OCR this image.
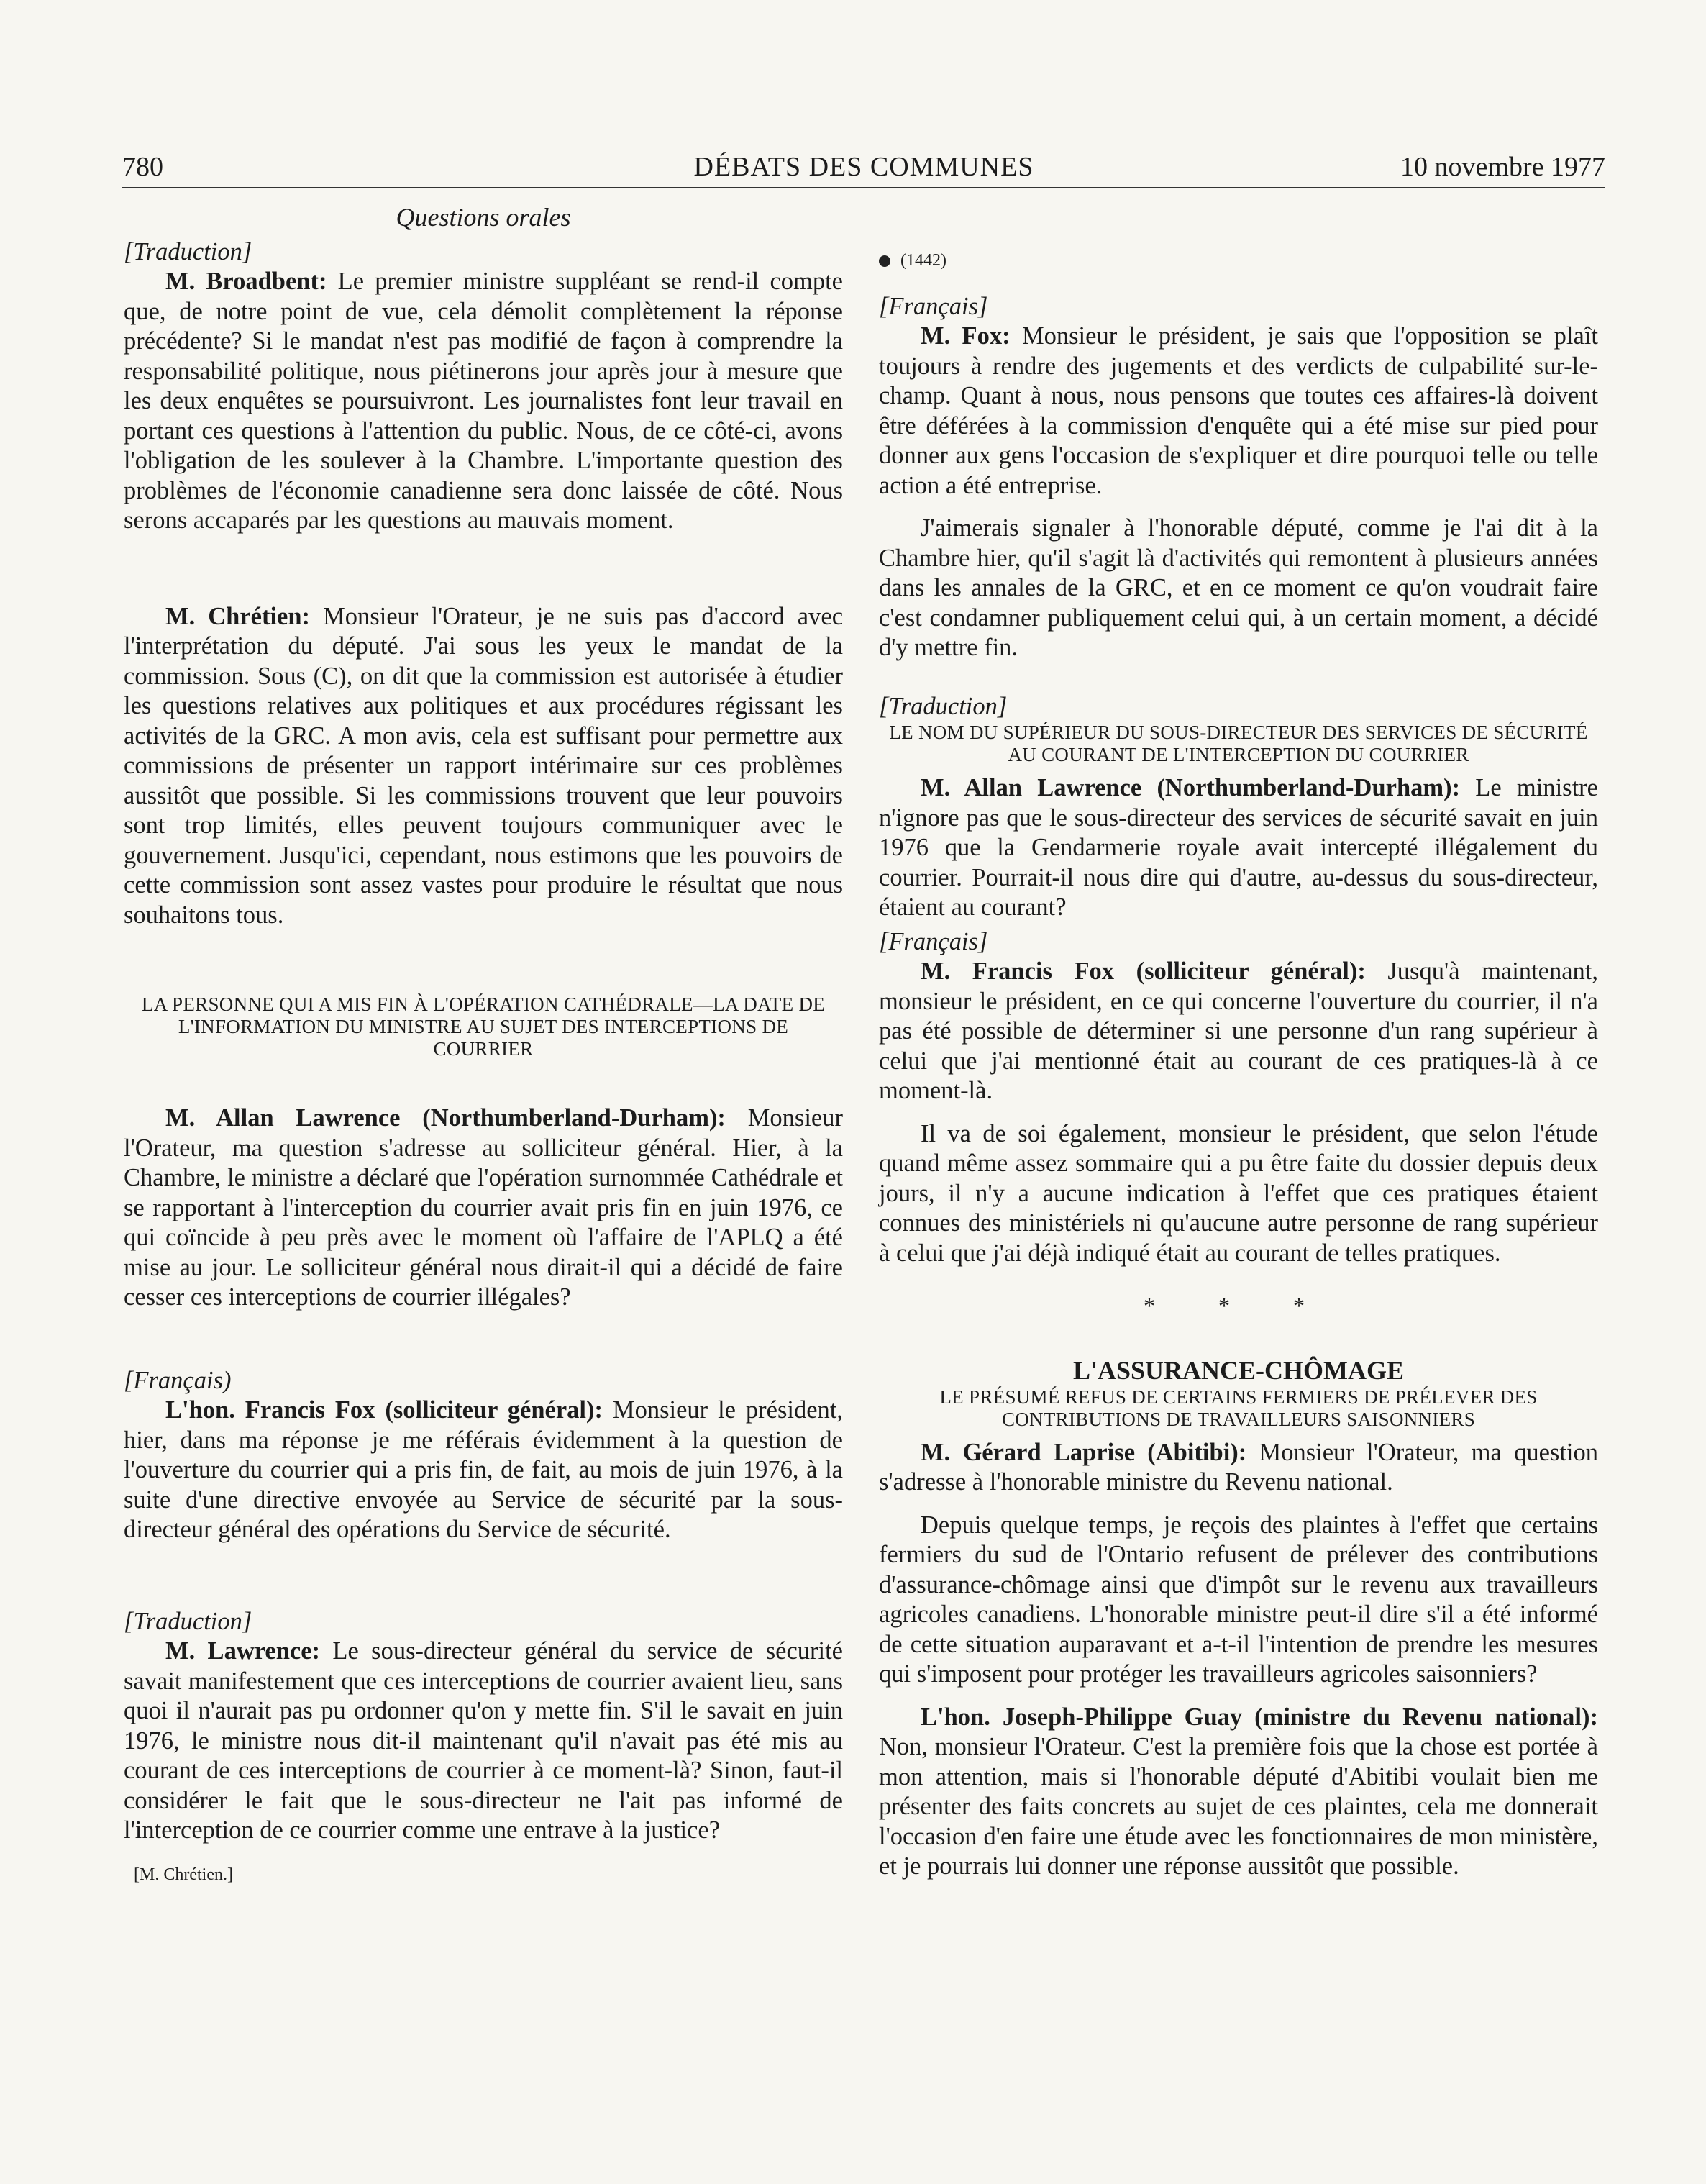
780	DÉBATS DES COMMUNES	10 novembre 1977
Questions orales
[Traduction]

M. Broadbent: Le premier ministre suppléant se rend-il compte que, de notre point de vue, cela démolit complètement la réponse précédente? Si le mandat n'est pas modifié de façon à comprendre la responsabilité politique, nous piétinerons jour après jour à mesure que les deux enquêtes se poursuivront. Les journalistes font leur travail en portant ces questions à l'attention du public. Nous, de ce côté-ci, avons l'obligation de les soulever à la Chambre. L'importante question des problèmes de l'économie canadienne sera donc laissée de côté. Nous serons accaparés par les questions au mauvais moment.

M. Chrétien: Monsieur l'Orateur, je ne suis pas d'accord avec l'interprétation du député. J'ai sous les yeux le mandat de la commission. Sous (C), on dit que la commission est autorisée à étudier les questions relatives aux politiques et aux procédures régissant les activités de la GRC. A mon avis, cela est suffisant pour permettre aux commissions de présenter un rapport intérimaire sur ces problèmes aussitôt que possible. Si les commissions trouvent que leur pouvoirs sont trop limités, elles peuvent toujours communiquer avec le gouvernement. Jusqu'ici, cependant, nous estimons que les pouvoirs de cette commission sont assez vastes pour produire le résultat que nous souhaitons tous.

LA PERSONNE QUI A MIS FIN À L'OPÉRATION CATHÉDRALE—LA DATE DE L'INFORMATION DU MINISTRE AU SUJET DES INTERCEPTIONS DE COURRIER

M. Allan Lawrence (Northumberland-Durham): Monsieur l'Orateur, ma question s'adresse au solliciteur général. Hier, à la Chambre, le ministre a déclaré que l'opération surnommée Cathédrale et se rapportant à l'interception du courrier avait pris fin en juin 1976, ce qui coïncide à peu près avec le moment où l'affaire de l'APLQ a été mise au jour. Le solliciteur général nous dirait-il qui a décidé de faire cesser ces interceptions de courrier illégales?

[Français)

L'hon. Francis Fox (solliciteur général): Monsieur le président, hier, dans ma réponse je me référais évidemment à la question de l'ouverture du courrier qui a pris fin, de fait, au mois de juin 1976, à la suite d'une directive envoyée au Service de sécurité par la sous-directeur général des opérations du Service de sécurité.

[Traduction]

M. Lawrence: Le sous-directeur général du service de sécurité savait manifestement que ces interceptions de courrier avaient lieu, sans quoi il n'aurait pas pu ordonner qu'on y mette fin. S'il le savait en juin 1976, le ministre nous dit-il maintenant qu'il n'avait pas été mis au courant de ces interceptions de courrier à ce moment-là? Sinon, faut-il considérer le fait que le sous-directeur ne l'ait pas informé de l'interception de ce courrier comme une entrave à la justice?

[M. Chrétien.]
(1442)
[Français]

M. Fox: Monsieur le président, je sais que l'opposition se plaît toujours à rendre des jugements et des verdicts de culpabilité sur-le-champ. Quant à nous, nous pensons que toutes ces affaires-là doivent être déférées à la commission d'enquête qui a été mise sur pied pour donner aux gens l'occasion de s'expliquer et dire pourquoi telle ou telle action a été entreprise.

J'aimerais signaler à l'honorable député, comme je l'ai dit à la Chambre hier, qu'il s'agit là d'activités qui remontent à plusieurs années dans les annales de la GRC, et en ce moment ce qu'on voudrait faire c'est condamner publiquement celui qui, à un certain moment, a décidé d'y mettre fin.

[Traduction]
LE NOM DU SUPÉRIEUR DU SOUS-DIRECTEUR DES SERVICES DE SÉCURITÉ AU COURANT DE L'INTERCEPTION DU COURRIER

M. Allan Lawrence (Northumberland-Durham): Le ministre n'ignore pas que le sous-directeur des services de sécurité savait en juin 1976 que la Gendarmerie royale avait intercepté illégalement du courrier. Pourrait-il nous dire qui d'autre, au-dessus du sous-directeur, étaient au courant?

[Français]

M. Francis Fox (solliciteur général): Jusqu'à maintenant, monsieur le président, en ce qui concerne l'ouverture du courrier, il n'a pas été possible de déterminer si une personne d'un rang supérieur à celui que j'ai mentionné était au courant de ces pratiques-là à ce moment-là.

Il va de soi également, monsieur le président, que selon l'étude quand même assez sommaire qui a pu être faite du dossier depuis deux jours, il n'y a aucune indication à l'effet que ces pratiques étaient connues des ministériels ni qu'aucune autre personne de rang supérieur à celui que j'ai déjà indiqué était au courant de telles pratiques.

* * *
L'ASSURANCE-CHÔMAGE
LE PRÉSUMÉ REFUS DE CERTAINS FERMIERS DE PRÉLEVER DES CONTRIBUTIONS DE TRAVAILLEURS SAISONNIERS

M. Gérard Laprise (Abitibi): Monsieur l'Orateur, ma question s'adresse à l'honorable ministre du Revenu national.

Depuis quelque temps, je reçois des plaintes à l'effet que certains fermiers du sud de l'Ontario refusent de prélever des contributions d'assurance-chômage ainsi que d'impôt sur le revenu aux travailleurs agricoles canadiens. L'honorable ministre peut-il dire s'il a été informé de cette situation auparavant et a-t-il l'intention de prendre les mesures qui s'imposent pour protéger les travailleurs agricoles saisonniers?

L'hon. Joseph-Philippe Guay (ministre du Revenu national): Non, monsieur l'Orateur. C'est la première fois que la chose est portée à mon attention, mais si l'honorable député d'Abitibi voulait bien me présenter des faits concrets au sujet de ces plaintes, cela me donnerait l'occasion d'en faire une étude avec les fonctionnaires de mon ministère, et je pourrais lui donner une réponse aussitôt que possible.
